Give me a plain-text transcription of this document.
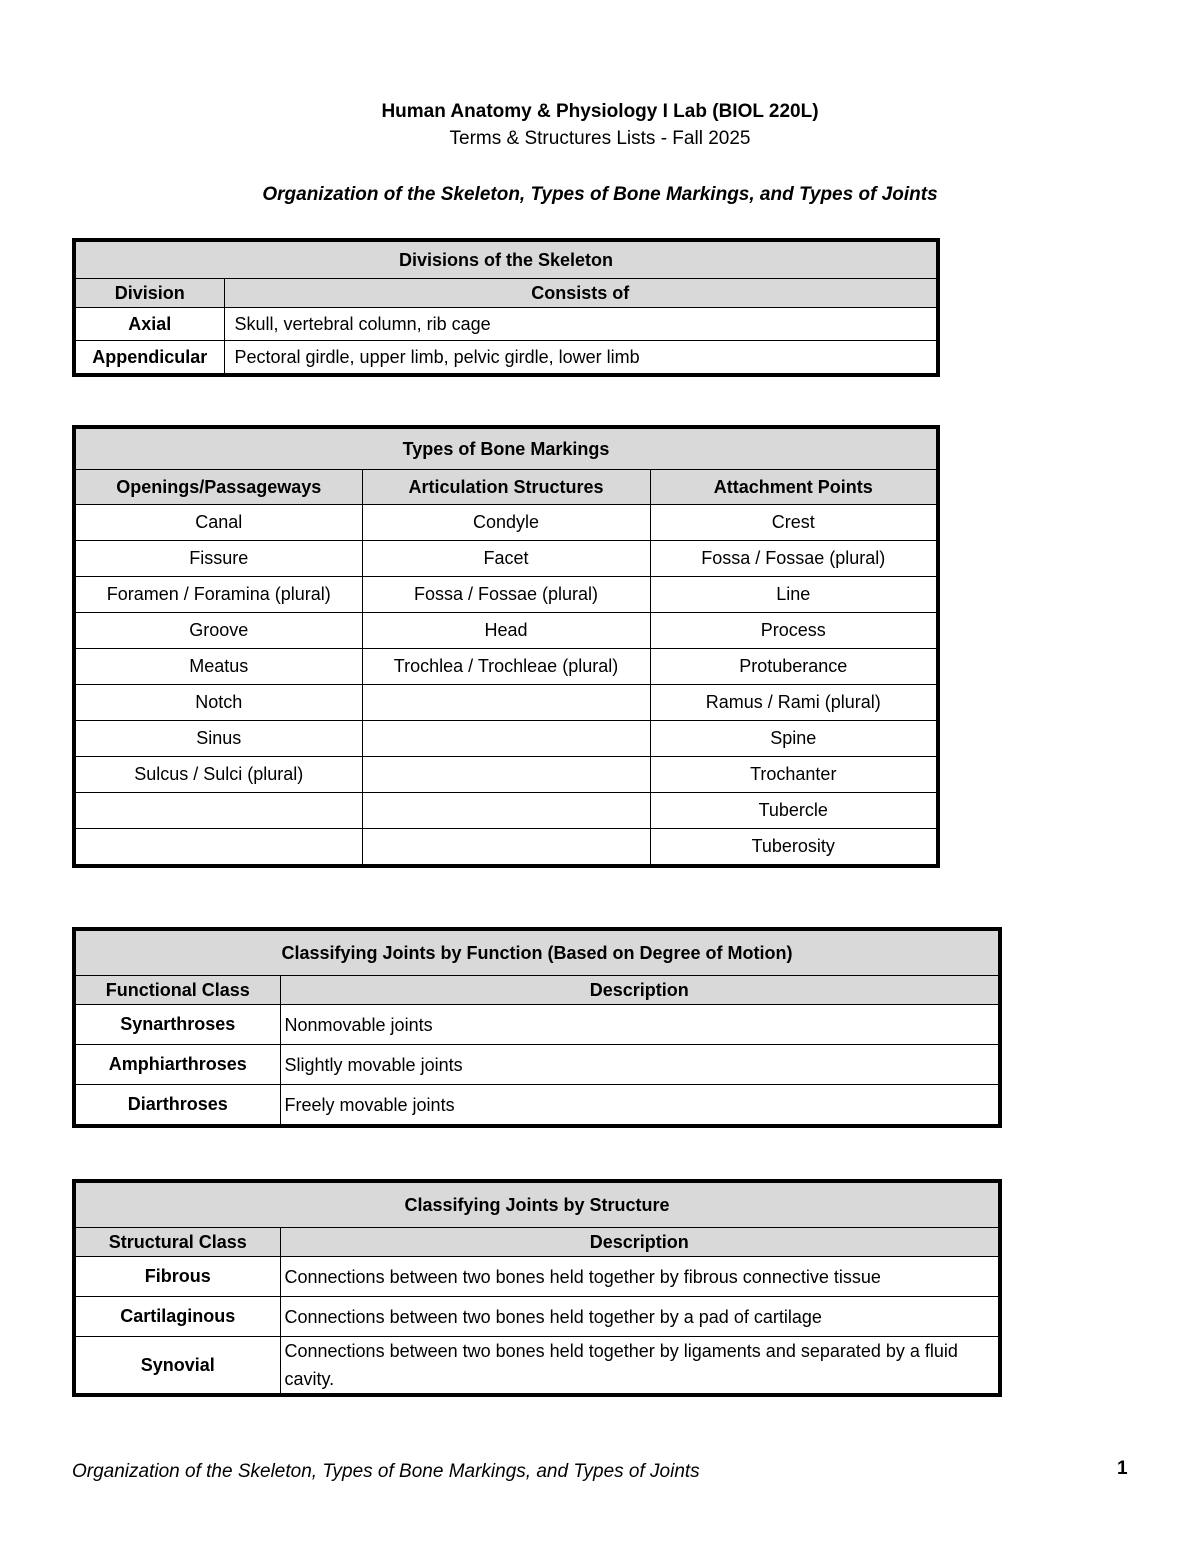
Human Anatomy & Physiology I Lab (BIOL 220L)
Terms & Structures Lists - Fall 2025
Organization of the Skeleton, Types of Bone Markings, and Types of Joints
Divisions of the Skeleton	
Division	Consists of
Axial	Skull, vertebral column, rib cage
Appendicular	Pectoral girdle, upper limb, pelvic girdle, lower limb
Types of Bone Markings		
Openings/Passageways	Articulation Structures	Attachment Points
Canal	Condyle	Crest
Fissure	Facet	Fossa / Fossae (plural)
Foramen / Foramina (plural)	Fossa / Fossae (plural)	Line
Groove	Head	Process
Meatus	Trochlea / Trochleae (plural)	Protuberance
Notch		Ramus / Rami (plural)
Sinus		Spine
Sulcus / Sulci (plural)		Trochanter
		Tubercle
		Tuberosity
Classifying Joints by Function (Based on Degree of Motion)	
Functional Class	Description
Synarthroses	Nonmovable joints
Amphiarthroses	Slightly movable joints
Diarthroses	Freely movable joints
Classifying Joints by Structure	
Structural Class	Description
Fibrous	Connections between two bones held together by fibrous connective tissue
Cartilaginous	Connections between two bones held together by a pad of cartilage
Synovial	Connections between two bones held together by ligaments and separated by a fluid cavity.
Organization of the Skeleton, Types of Bone Markings, and Types of Joints	1
